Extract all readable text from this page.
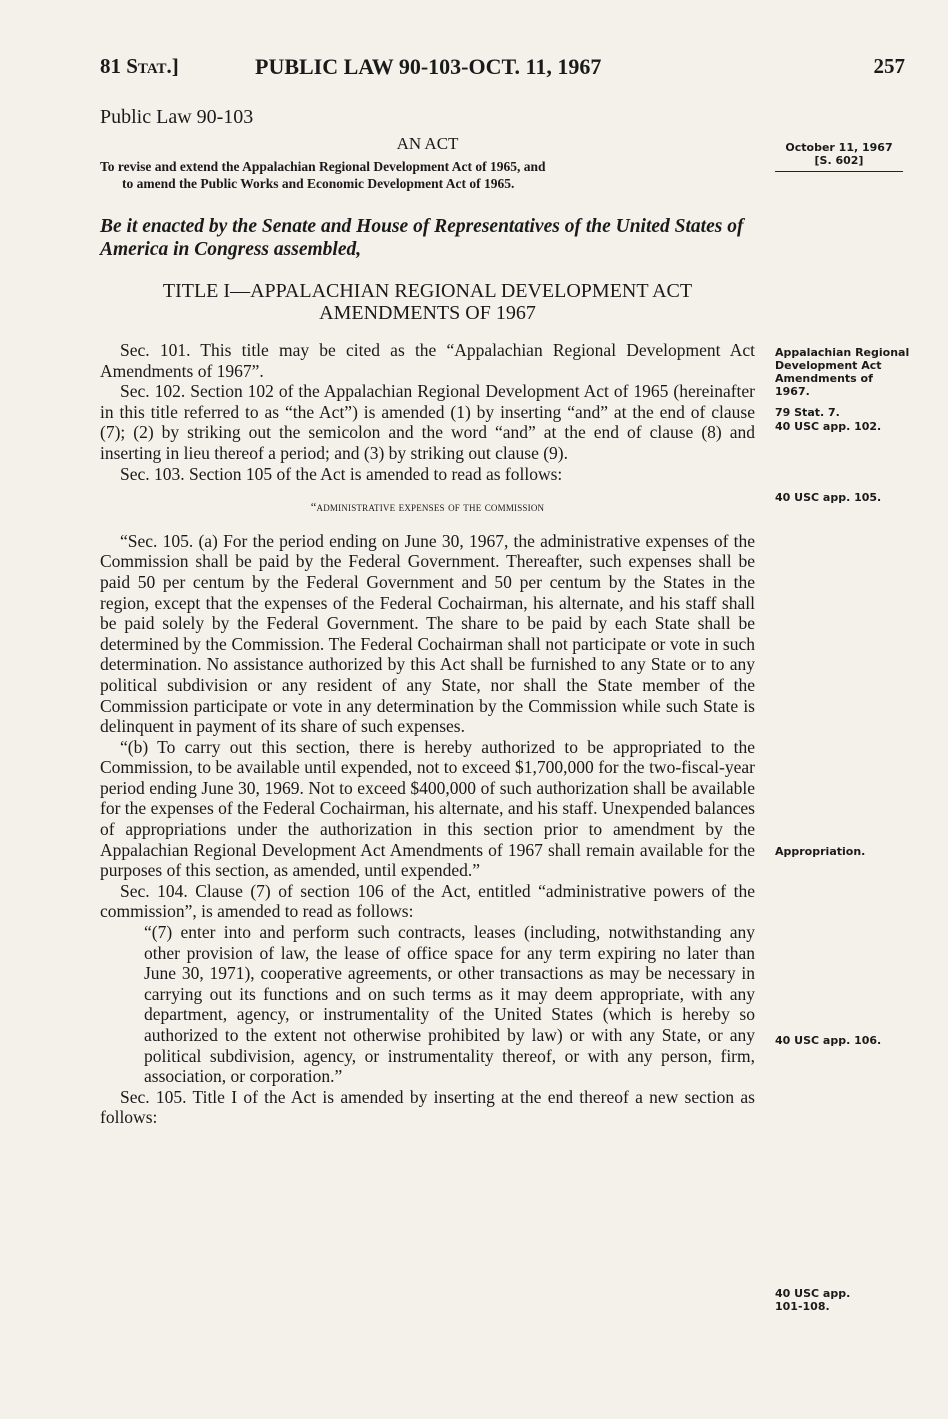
81 Stat.]	PUBLIC LAW 90-103-OCT. 11, 1967	257
Public Law 90-103
AN ACT
To revise and extend the Appalachian Regional Development Act of 1965, and
to amend the Public Works and Economic Development Act of 1965.
Be it enacted by the Senate and House of Representatives of the United States of America in Congress assembled,
TITLE I—APPALACHIAN REGIONAL DEVELOPMENT ACT
AMENDMENTS OF 1967

Sec. 101. This title may be cited as the “Appalachian Regional Development Act Amendments of 1967”.

Sec. 102. Section 102 of the Appalachian Regional Development Act of 1965 (hereinafter in this title referred to as “the Act”) is amended (1) by inserting “and” at the end of clause (7); (2) by striking out the semicolon and the word “and” at the end of clause (8) and inserting in lieu thereof a period; and (3) by striking out clause (9).

Sec. 103. Section 105 of the Act is amended to read as follows:

“administrative expenses of the commission

“Sec. 105. (a) For the period ending on June 30, 1967, the administrative expenses of the Commission shall be paid by the Federal Government. Thereafter, such expenses shall be paid 50 per centum by the Federal Government and 50 per centum by the States in the region, except that the expenses of the Federal Cochairman, his alternate, and his staff shall be paid solely by the Federal Government. The share to be paid by each State shall be determined by the Commission. The Federal Cochairman shall not participate or vote in such determination. No assistance authorized by this Act shall be furnished to any State or to any political subdivision or any resident of any State, nor shall the State member of the Commission participate or vote in any determination by the Commission while such State is delinquent in payment of its share of such expenses.

“(b) To carry out this section, there is hereby authorized to be appropriated to the Commission, to be available until expended, not to exceed $1,700,000 for the two-fiscal-year period ending June 30, 1969. Not to exceed $400,000 of such authorization shall be available for the expenses of the Federal Cochairman, his alternate, and his staff. Unexpended balances of appropriations under the authorization in this section prior to amendment by the Appalachian Regional Development Act Amendments of 1967 shall remain available for the purposes of this section, as amended, until expended.”

Sec. 104. Clause (7) of section 106 of the Act, entitled “administrative powers of the commission”, is amended to read as follows:

“(7) enter into and perform such contracts, leases (including, notwithstanding any other provision of law, the lease of office space for any term expiring no later than June 30, 1971), cooperative agreements, or other transactions as may be necessary in carrying out its functions and on such terms as it may deem appropriate, with any department, agency, or instrumentality of the United States (which is hereby so authorized to the extent not otherwise prohibited by law) or with any State, or any political subdivision, agency, or instrumentality thereof, or with any person, firm, association, or corporation.”

Sec. 105. Title I of the Act is amended by inserting at the end thereof a new section as follows:

October 11, 1967
[S. 602]
Appalachian Regional Development Act Amendments of 1967.
79 Stat. 7.
40 USC app. 102.
40 USC app. 105.
Appropriation.
40 USC app. 106.
40 USC app. 101-108.
